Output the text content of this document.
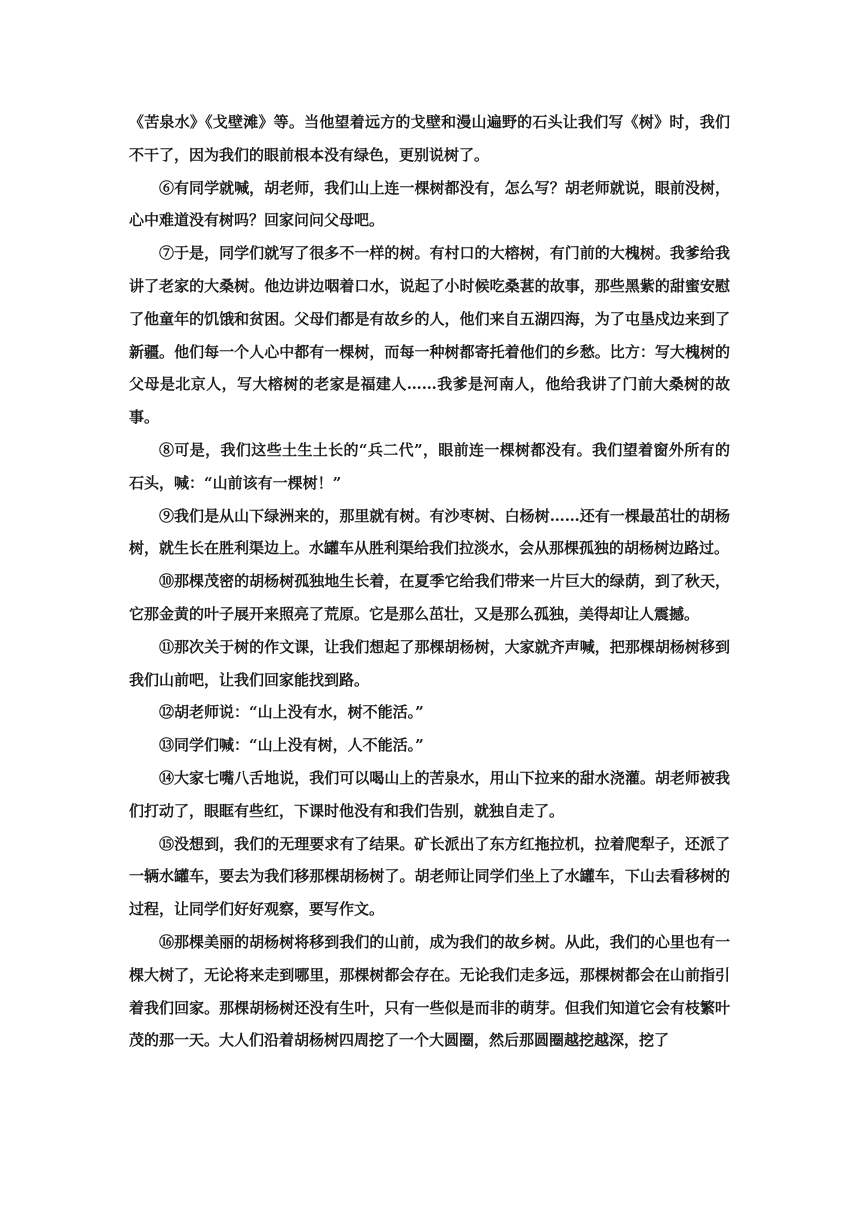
《苦泉水》《戈壁滩》等。当他望着远方的戈壁和漫山遍野的石头让我们写《树》时，我们不干了，因为我们的眼前根本没有绿色，更别说树了。

⑥有同学就喊，胡老师，我们山上连一棵树都没有，怎么写？胡老师就说，眼前没树，心中难道没有树吗？回家问问父母吧。

⑦于是，同学们就写了很多不一样的树。有村口的大榕树，有门前的大槐树。我爹给我讲了老家的大桑树。他边讲边咽着口水，说起了小时候吃桑葚的故事，那些黑紫的甜蜜安慰了他童年的饥饿和贫困。父母们都是有故乡的人，他们来自五湖四海，为了屯垦戍边来到了新疆。他们每一个人心中都有一棵树，而每一种树都寄托着他们的乡愁。比方：写大槐树的父母是北京人，写大榕树的老家是福建人……我爹是河南人，他给我讲了门前大桑树的故事。

⑧可是，我们这些土生土长的“兵二代”，眼前连一棵树都没有。我们望着窗外所有的石头，喊：“山前该有一棵树！”

⑨我们是从山下绿洲来的，那里就有树。有沙枣树、白杨树……还有一棵最茁壮的胡杨树，就生长在胜利渠边上。水罐车从胜利渠给我们拉淡水，会从那棵孤独的胡杨树边路过。

⑩那棵茂密的胡杨树孤独地生长着，在夏季它给我们带来一片巨大的绿荫，到了秋天，它那金黄的叶子展开来照亮了荒原。它是那么茁壮，又是那么孤独，美得却让人震撼。

⑪那次关于树的作文课，让我们想起了那棵胡杨树，大家就齐声喊，把那棵胡杨树移到我们山前吧，让我们回家能找到路。

⑫胡老师说：“山上没有水，树不能活。”

⑬同学们喊：“山上没有树，人不能活。”

⑭大家七嘴八舌地说，我们可以喝山上的苦泉水，用山下拉来的甜水浇灌。胡老师被我们打动了，眼眶有些红，下课时他没有和我们告别，就独自走了。

⑮没想到，我们的无理要求有了结果。矿长派出了东方红拖拉机，拉着爬犁子，还派了一辆水罐车，要去为我们移那棵胡杨树了。胡老师让同学们坐上了水罐车，下山去看移树的过程，让同学们好好观察，要写作文。

⑯那棵美丽的胡杨树将移到我们的山前，成为我们的故乡树。从此，我们的心里也有一棵大树了，无论将来走到哪里，那棵树都会存在。无论我们走多远，那棵树都会在山前指引着我们回家。那棵胡杨树还没有生叶，只有一些似是而非的萌芽。但我们知道它会有枝繁叶茂的那一天。大人们沿着胡杨树四周挖了一个大圆圈，然后那圆圈越挖越深，挖了
